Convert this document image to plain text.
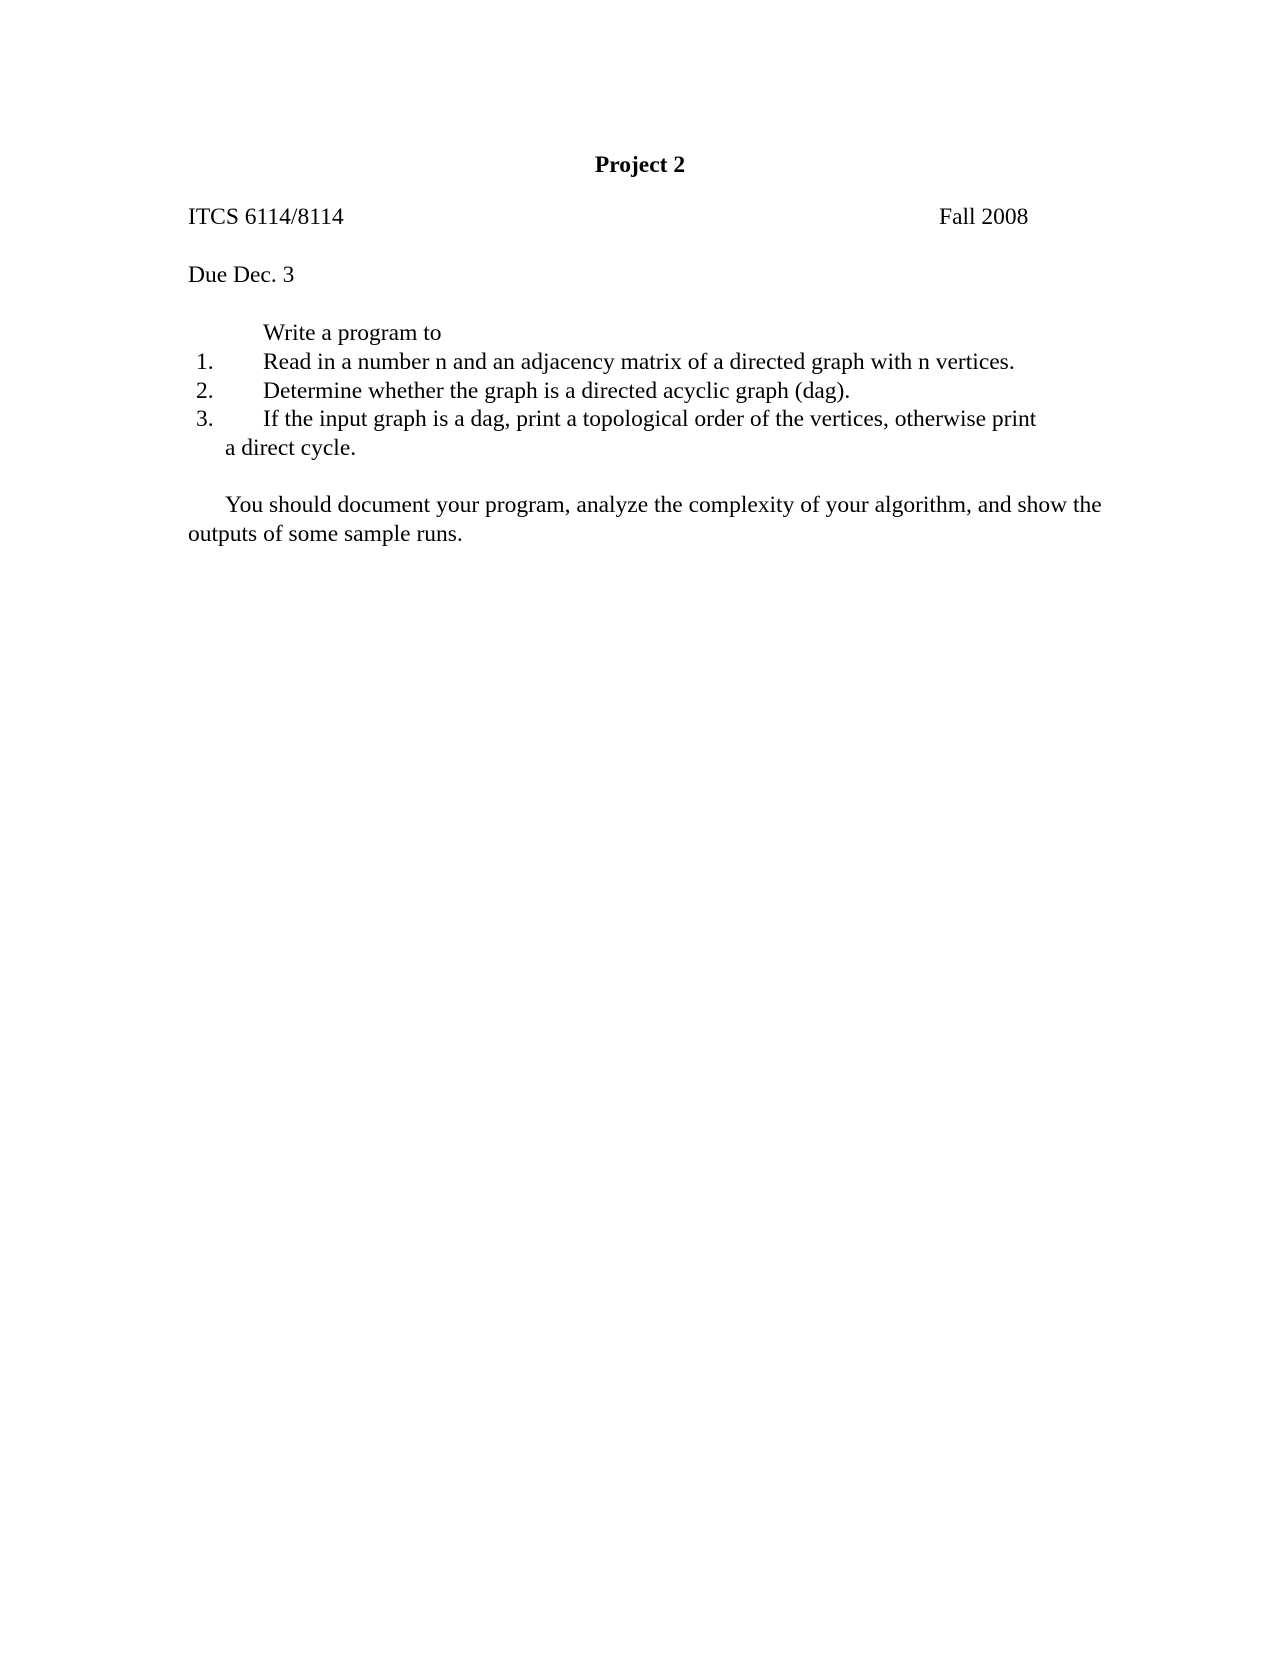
Project 2
ITCS 6114/8114	Fall 2008
Due Dec. 3
Write a program to
1. Read in a number n and an adjacency matrix of a directed graph with n vertices.
2. Determine whether the graph is a directed acyclic graph (dag).
3. If the input graph is a dag, print a topological order of the vertices, otherwise print
a direct cycle.
You should document your program, analyze the complexity of your algorithm, and show the outputs of some sample runs.
